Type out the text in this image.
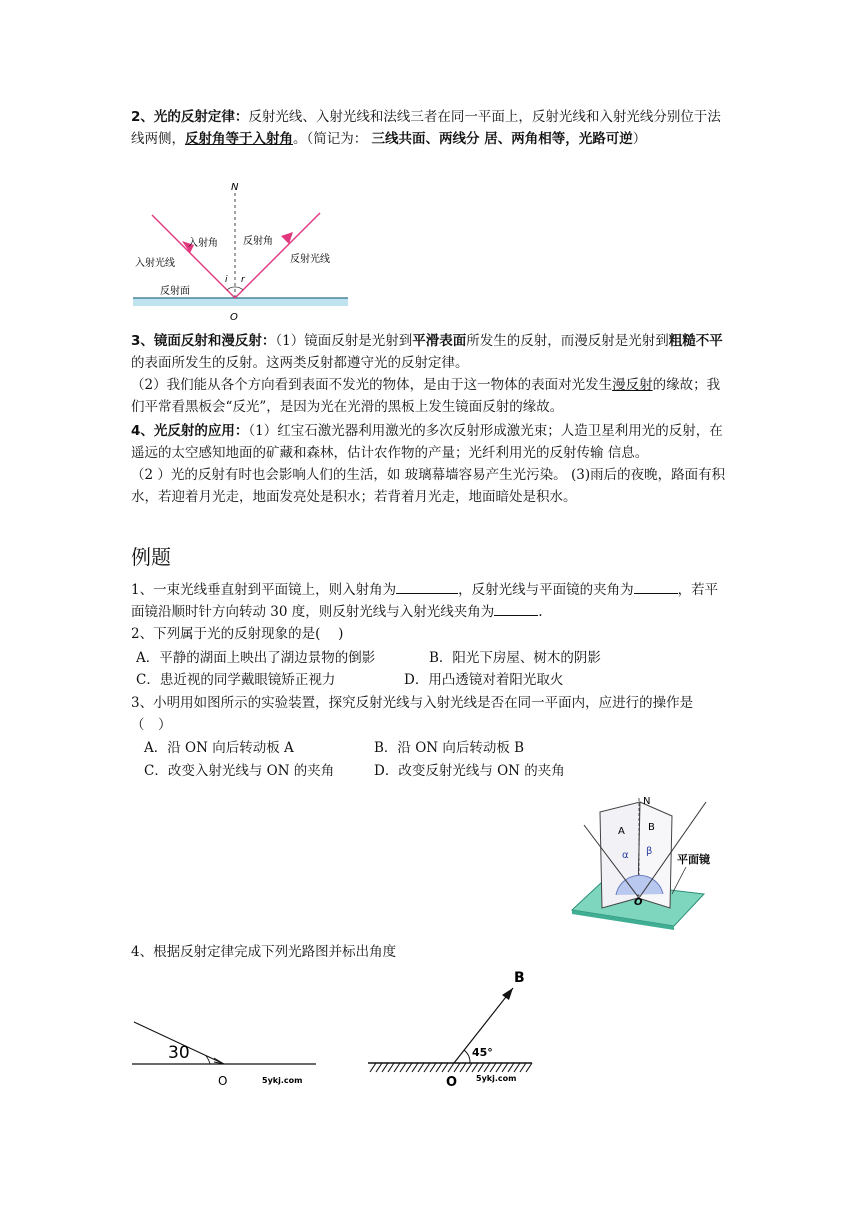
2、光的反射定律：反射光线、入射光线和法线三者在同一平面上，反射光线和入射光线分别位于法线两侧，反射角等于入射角。（简记为： 三线共面、两线分 居、两角相等，光路可逆）

N
入射角	反射角
入射光线	反射光线
反射面
i r
O

3、镜面反射和漫反射：（1）镜面反射是光射到平滑表面所发生的反射，而漫反射是光射到粗糙不平的表面所发生的反射。这两类反射都遵守光的反射定律。
（2）我们能从各个方向看到表面不发光的物体，是由于这一物体的表面对光发生漫反射的缘故；我们平常看黑板会“反光”，是因为光在光滑的黑板上发生镜面反射的缘故。

4、光反射的应用：（1）红宝石激光器利用激光的多次反射形成激光束；人造卫星利用光的反射，在遥远的太空感知地面的矿藏和森林，估计农作物的产量；光纤利用光的反射传输 信息。
（2 ）光的反射有时也会影响人们的生活，如 玻璃幕墙容易产生光污染。 (3)雨后的夜晚，路面有积水，若迎着月光走，地面发亮处是积水；若背着月光走，地面暗处是积水。

例题

1、一束光线垂直射到平面镜上，则入射角为	，反射光线与平面镜的夹角为	，若平面镜沿顺时针方向转动 30 度，则反射光线与入射光线夹角为	.

2、下列属于光的反射现象的是(　 )
A．平静的湖面上映出了湖边景物的倒影	B．阳光下房屋、树木的阴影
C．患近视的同学戴眼镜矫正视力	D．用凸透镜对着阳光取火

3、小明用如图所示的实验装置，探究反射光线与入射光线是否在同一平面内，应进行的操作是 （　）

A．沿 ON 向后转动板 A	B．沿 ON 向后转动板 B
C．改变入射光线与 ON 的夹角	D．改变反射光线与 ON 的夹角
N
A B
α β
平面镜
O
4、根据反射定律完成下列光路图并标出角度
30
O	5ykj.com
B
45°
O 5ykj.com
